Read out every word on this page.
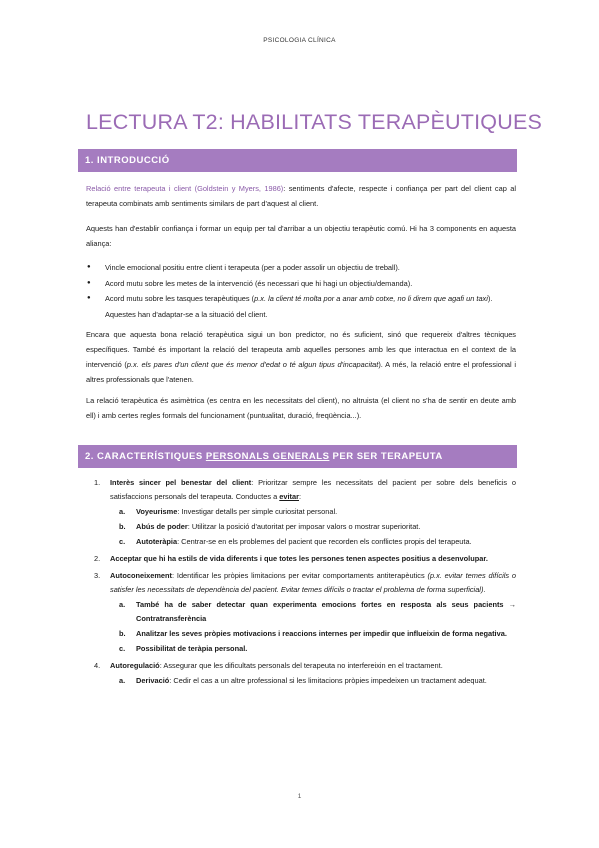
PSICOLOGIA CLÍNICA
LECTURA T2: HABILITATS TERAPÈUTIQUES
1. INTRODUCCIÓ

Relació entre terapeuta i client (Goldstein y Myers, 1986): sentiments d'afecte, respecte i confiança per part del client cap al terapeuta combinats amb sentiments similars de part d'aquest al client.

Aquests han d'establir confiança i formar un equip per tal d'arribar a un objectiu terapèutic comú. Hi ha 3 components en aquesta aliança:

● Vincle emocional positiu entre client i terapeuta (per a poder assolir un objectiu de treball).
● Acord mutu sobre les metes de la intervenció (és necessari que hi hagi un objectiu/demanda).
● Acord mutu sobre les tasques terapèutiques (p.x. la client té molta por a anar amb cotxe, no li direm que agafi un taxi). Aquestes han d'adaptar-se a la situació del client.

Encara que aquesta bona relació terapèutica sigui un bon predictor, no és suficient, sinó que requereix d'altres tècniques específiques. També és important la relació del terapeuta amb aquelles persones amb les que interactua en el context de la intervenció (p.x. els pares d'un client que és menor d'edat o té algun tipus d'incapacitat). A més, la relació entre el professional i altres professionals que l'atenen.

La relació terapèutica és asimètrica (es centra en les necessitats del client), no altruista (el client no s'ha de sentir en deute amb ell) i amb certes regles formals del funcionament (puntualitat, duració, freqüència...).

2. CARACTERÍSTIQUES PERSONALS GENERALS PER SER TERAPEUTA
1. Interès sincer pel benestar del client: Prioritzar sempre les necessitats del pacient per sobre dels beneficis o satisfaccions personals del terapeuta. Conductes a evitar:
a. Voyeurisme: Investigar detalls per simple curiositat personal.
b. Abús de poder: Utilitzar la posició d'autoritat per imposar valors o mostrar superioritat.
c. Autoteràpia: Centrar-se en els problemes del pacient que recorden els conflictes propis del terapeuta.
2. Acceptar que hi ha estils de vida diferents i que totes les persones tenen aspectes positius a desenvolupar.
3. Autoconeixement: Identificar les pròpies limitacions per evitar comportaments antiterapèutics (p.x. evitar temes difícils o satisfer les necessitats de dependència del pacient. Evitar temes difícils o tractar el problema de forma superficial).
a. També ha de saber detectar quan experimenta emocions fortes en resposta als seus pacients → Contratransferència
b. Analitzar les seves pròpies motivacions i reaccions internes per impedir que influeixin de forma negativa.
c. Possibilitat de teràpia personal.
4. Autoregulació: Assegurar que les dificultats personals del terapeuta no interfereixin en el tractament.
a. Derivació: Cedir el cas a un altre professional si les limitacions pròpies impedeixen un tractament adequat.
1
